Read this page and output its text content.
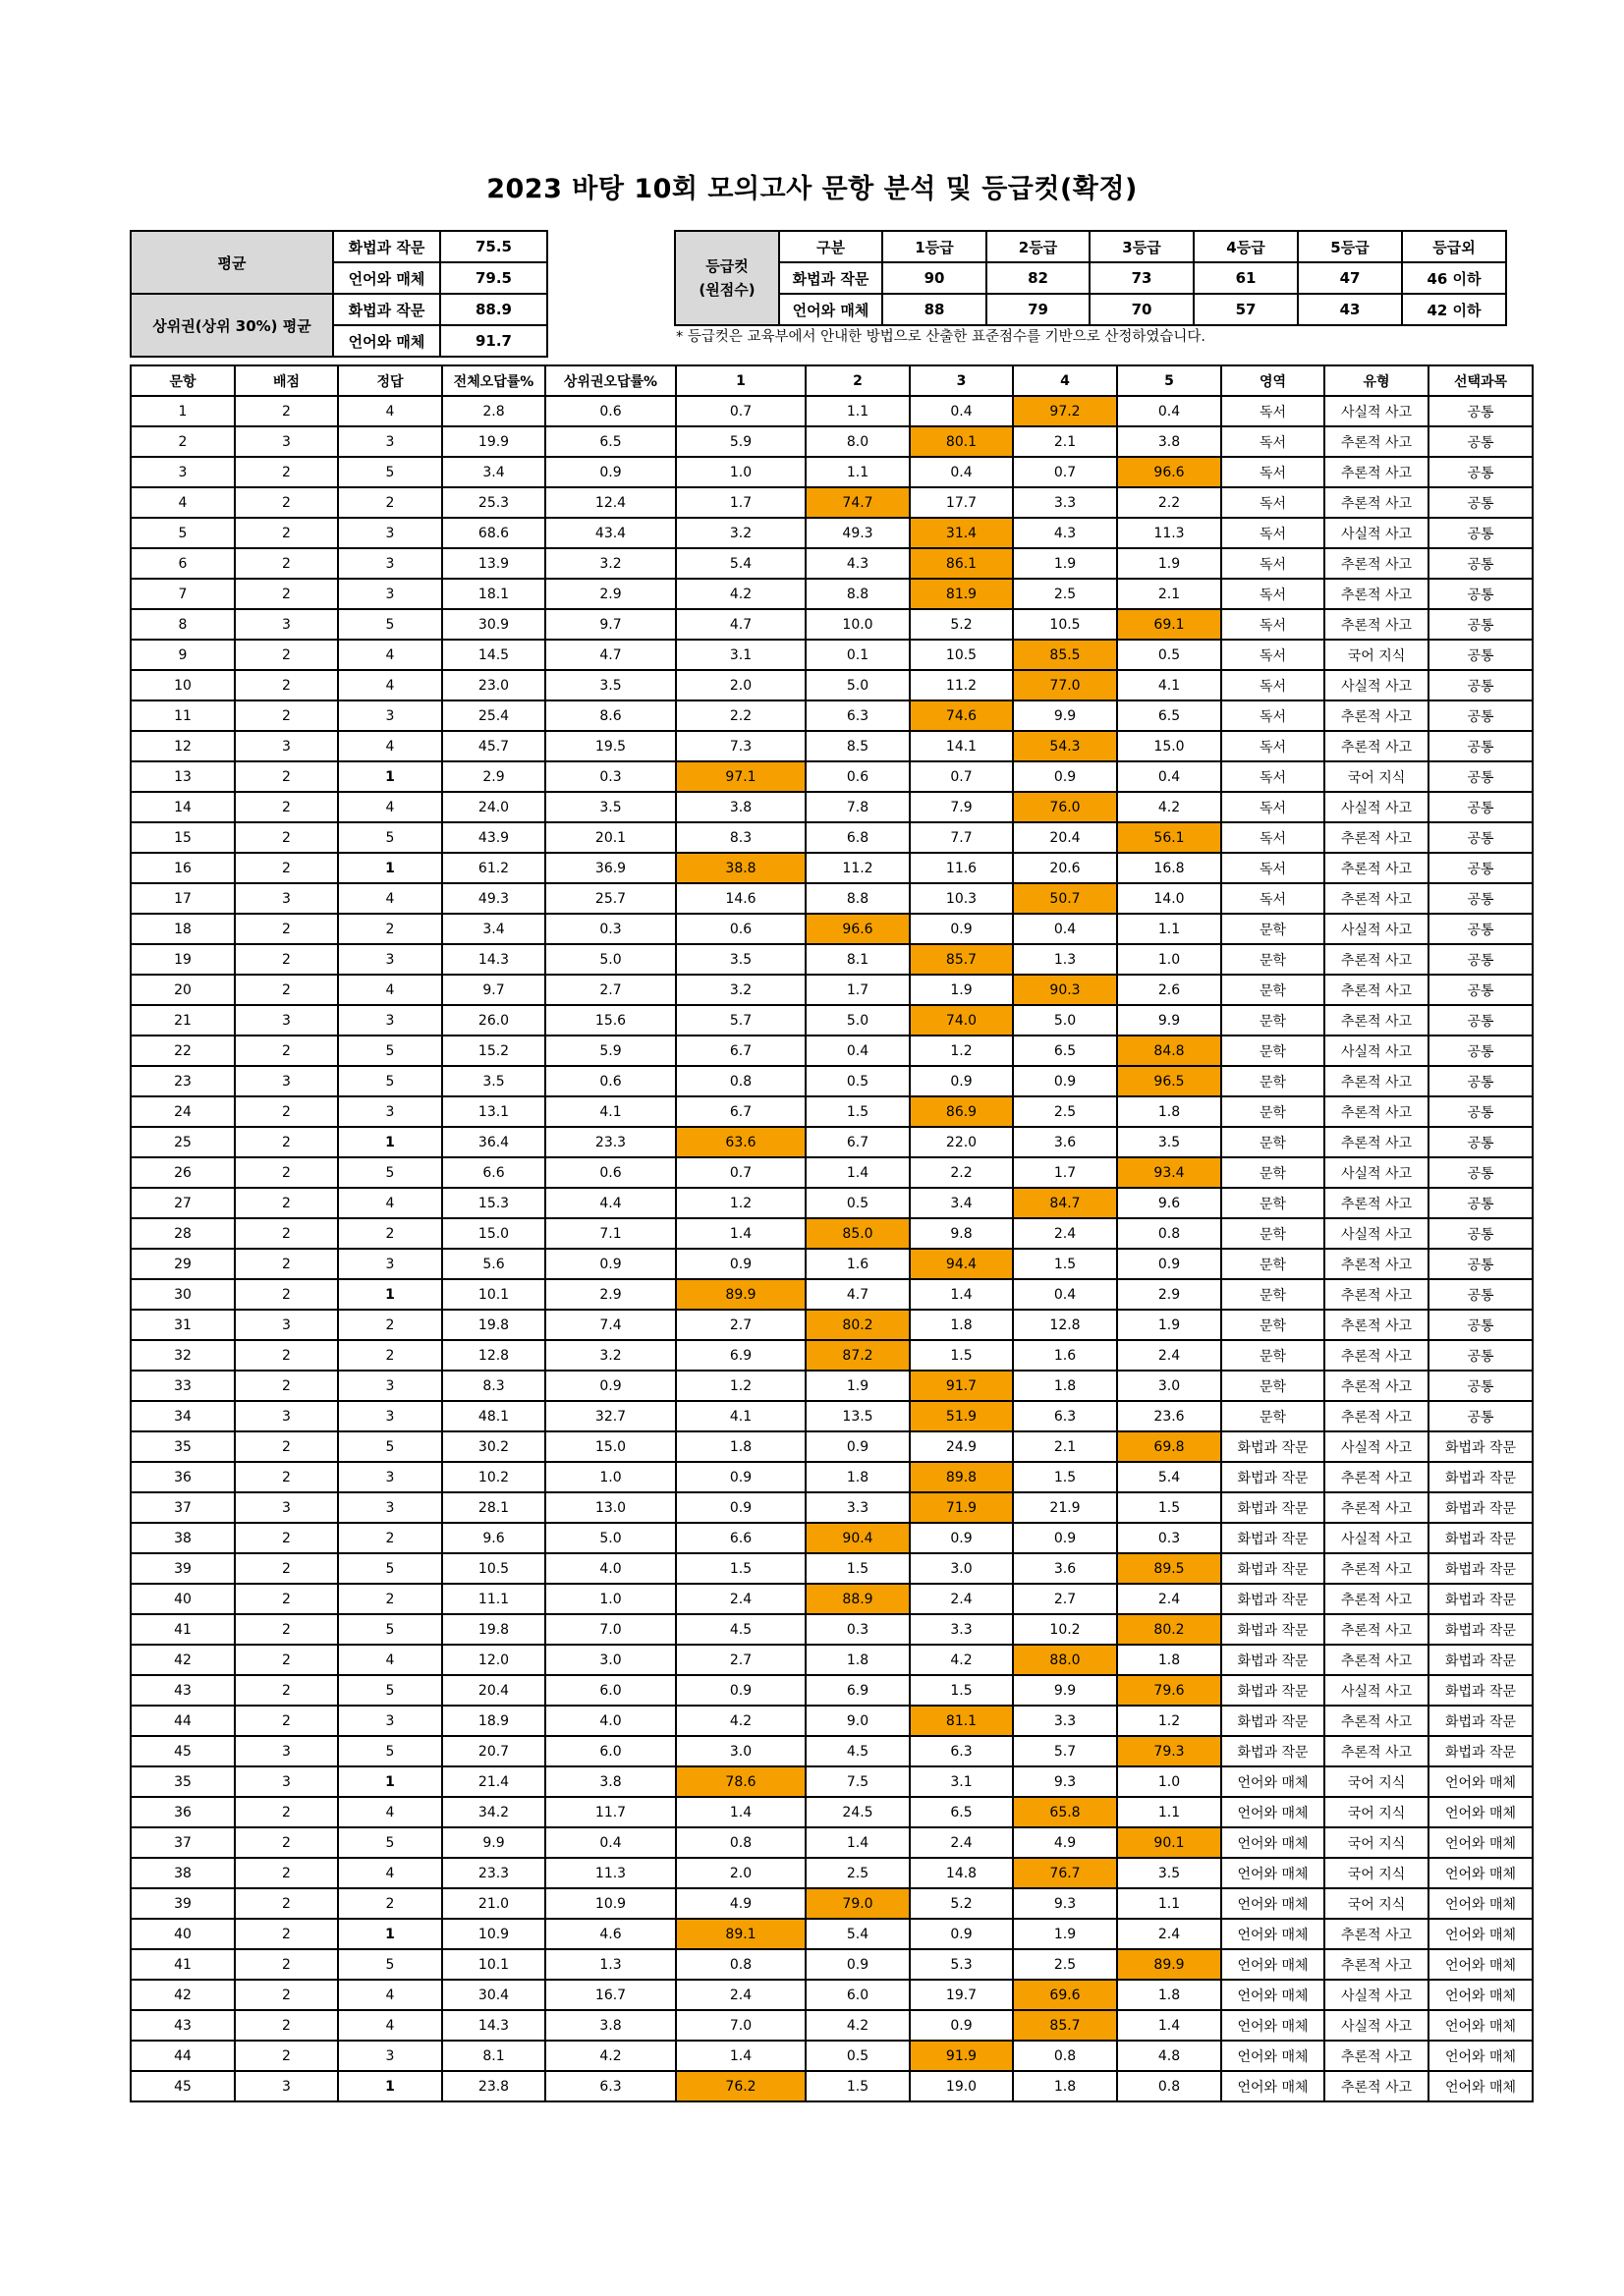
2023 바탕 10회 모의고사 문항 분석 및 등급컷(확정)
평균	화법과 작문	75.5
	언어와 매체	79.5
상위권(상위 30%) 평균	화법과 작문	88.9
	언어와 매체	91.7
등급컷
(원점수)	구분	1등급	2등급	3등급	4등급	5등급	등급외
	화법과 작문	90	82	73	61	47	46 이하
	언어와 매체	88	79	70	57	43	42 이하
* 등급컷은 교육부에서 안내한 방법으로 산출한 표준점수를 기반으로 산정하였습니다.
문항	배점	정답	전체오답률%	상위권오답률%	1	2	3	4	5	영역	유형	선택과목
1	2	4	2.8	0.6	0.7	1.1	0.4	97.2	0.4	독서	사실적 사고	공통
2	3	3	19.9	6.5	5.9	8.0	80.1	2.1	3.8	독서	추론적 사고	공통
3	2	5	3.4	0.9	1.0	1.1	0.4	0.7	96.6	독서	추론적 사고	공통
4	2	2	25.3	12.4	1.7	74.7	17.7	3.3	2.2	독서	추론적 사고	공통
5	2	3	68.6	43.4	3.2	49.3	31.4	4.3	11.3	독서	사실적 사고	공통
6	2	3	13.9	3.2	5.4	4.3	86.1	1.9	1.9	독서	추론적 사고	공통
7	2	3	18.1	2.9	4.2	8.8	81.9	2.5	2.1	독서	추론적 사고	공통
8	3	5	30.9	9.7	4.7	10.0	5.2	10.5	69.1	독서	추론적 사고	공통
9	2	4	14.5	4.7	3.1	0.1	10.5	85.5	0.5	독서	국어 지식	공통
10	2	4	23.0	3.5	2.0	5.0	11.2	77.0	4.1	독서	사실적 사고	공통
11	2	3	25.4	8.6	2.2	6.3	74.6	9.9	6.5	독서	추론적 사고	공통
12	3	4	45.7	19.5	7.3	8.5	14.1	54.3	15.0	독서	추론적 사고	공통
13	2	1	2.9	0.3	97.1	0.6	0.7	0.9	0.4	독서	국어 지식	공통
14	2	4	24.0	3.5	3.8	7.8	7.9	76.0	4.2	독서	사실적 사고	공통
15	2	5	43.9	20.1	8.3	6.8	7.7	20.4	56.1	독서	추론적 사고	공통
16	2	1	61.2	36.9	38.8	11.2	11.6	20.6	16.8	독서	추론적 사고	공통
17	3	4	49.3	25.7	14.6	8.8	10.3	50.7	14.0	독서	추론적 사고	공통
18	2	2	3.4	0.3	0.6	96.6	0.9	0.4	1.1	문학	사실적 사고	공통
19	2	3	14.3	5.0	3.5	8.1	85.7	1.3	1.0	문학	추론적 사고	공통
20	2	4	9.7	2.7	3.2	1.7	1.9	90.3	2.6	문학	추론적 사고	공통
21	3	3	26.0	15.6	5.7	5.0	74.0	5.0	9.9	문학	추론적 사고	공통
22	2	5	15.2	5.9	6.7	0.4	1.2	6.5	84.8	문학	사실적 사고	공통
23	3	5	3.5	0.6	0.8	0.5	0.9	0.9	96.5	문학	추론적 사고	공통
24	2	3	13.1	4.1	6.7	1.5	86.9	2.5	1.8	문학	추론적 사고	공통
25	2	1	36.4	23.3	63.6	6.7	22.0	3.6	3.5	문학	추론적 사고	공통
26	2	5	6.6	0.6	0.7	1.4	2.2	1.7	93.4	문학	사실적 사고	공통
27	2	4	15.3	4.4	1.2	0.5	3.4	84.7	9.6	문학	추론적 사고	공통
28	2	2	15.0	7.1	1.4	85.0	9.8	2.4	0.8	문학	사실적 사고	공통
29	2	3	5.6	0.9	0.9	1.6	94.4	1.5	0.9	문학	추론적 사고	공통
30	2	1	10.1	2.9	89.9	4.7	1.4	0.4	2.9	문학	추론적 사고	공통
31	3	2	19.8	7.4	2.7	80.2	1.8	12.8	1.9	문학	추론적 사고	공통
32	2	2	12.8	3.2	6.9	87.2	1.5	1.6	2.4	문학	추론적 사고	공통
33	2	3	8.3	0.9	1.2	1.9	91.7	1.8	3.0	문학	추론적 사고	공통
34	3	3	48.1	32.7	4.1	13.5	51.9	6.3	23.6	문학	추론적 사고	공통
35	2	5	30.2	15.0	1.8	0.9	24.9	2.1	69.8	화법과 작문	사실적 사고	화법과 작문
36	2	3	10.2	1.0	0.9	1.8	89.8	1.5	5.4	화법과 작문	추론적 사고	화법과 작문
37	3	3	28.1	13.0	0.9	3.3	71.9	21.9	1.5	화법과 작문	추론적 사고	화법과 작문
38	2	2	9.6	5.0	6.6	90.4	0.9	0.9	0.3	화법과 작문	사실적 사고	화법과 작문
39	2	5	10.5	4.0	1.5	1.5	3.0	3.6	89.5	화법과 작문	추론적 사고	화법과 작문
40	2	2	11.1	1.0	2.4	88.9	2.4	2.7	2.4	화법과 작문	추론적 사고	화법과 작문
41	2	5	19.8	7.0	4.5	0.3	3.3	10.2	80.2	화법과 작문	추론적 사고	화법과 작문
42	2	4	12.0	3.0	2.7	1.8	4.2	88.0	1.8	화법과 작문	추론적 사고	화법과 작문
43	2	5	20.4	6.0	0.9	6.9	1.5	9.9	79.6	화법과 작문	사실적 사고	화법과 작문
44	2	3	18.9	4.0	4.2	9.0	81.1	3.3	1.2	화법과 작문	추론적 사고	화법과 작문
45	3	5	20.7	6.0	3.0	4.5	6.3	5.7	79.3	화법과 작문	추론적 사고	화법과 작문
35	3	1	21.4	3.8	78.6	7.5	3.1	9.3	1.0	언어와 매체	국어 지식	언어와 매체
36	2	4	34.2	11.7	1.4	24.5	6.5	65.8	1.1	언어와 매체	국어 지식	언어와 매체
37	2	5	9.9	0.4	0.8	1.4	2.4	4.9	90.1	언어와 매체	국어 지식	언어와 매체
38	2	4	23.3	11.3	2.0	2.5	14.8	76.7	3.5	언어와 매체	국어 지식	언어와 매체
39	2	2	21.0	10.9	4.9	79.0	5.2	9.3	1.1	언어와 매체	국어 지식	언어와 매체
40	2	1	10.9	4.6	89.1	5.4	0.9	1.9	2.4	언어와 매체	추론적 사고	언어와 매체
41	2	5	10.1	1.3	0.8	0.9	5.3	2.5	89.9	언어와 매체	추론적 사고	언어와 매체
42	2	4	30.4	16.7	2.4	6.0	19.7	69.6	1.8	언어와 매체	사실적 사고	언어와 매체
43	2	4	14.3	3.8	7.0	4.2	0.9	85.7	1.4	언어와 매체	사실적 사고	언어와 매체
44	2	3	8.1	4.2	1.4	0.5	91.9	0.8	4.8	언어와 매체	추론적 사고	언어와 매체
45	3	1	23.8	6.3	76.2	1.5	19.0	1.8	0.8	언어와 매체	추론적 사고	언어와 매체
